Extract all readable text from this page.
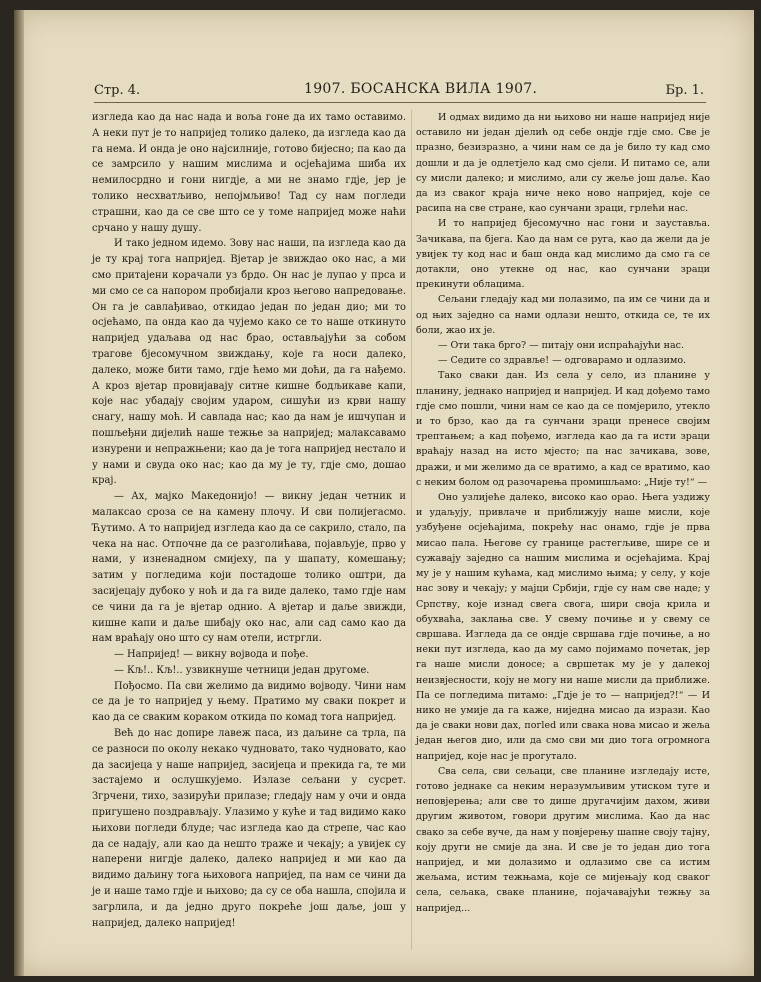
Стр. 4.	1907. БОСАНСКА ВИЛА 1907.	Бр. 1.

изгледа као да нас нада и воља гоне да их тамо оставимо. А неки пут је то напријед толико далеко, да изгледа као да га нема. И онда је оно најсилније, готово бијесно; па као да се замрсило у нашим мислима и осјећајима шиба их немилосрдно и гони нигдје, а ми не знамо гдје, јер је толико несхватљиво, непојмљиво! Тад су нам погледи страшни, као да се све што се у томе напријед може наћи срчано у нашу душу.

И тако једном идемо. Зову нас наши, па изгледа као да је ту крај тога напријед. Вјетар је звиждао око нас, а ми смо притајени корачали уз брдо. Он нас је лупао у прса и ми смо се са напором пробијали кроз његово напредовање. Он га је савлађивао, откидао један по један дио; ми то осјећамо, па онда као да чујемо како се то наше откинуто напријед удаљава од нас браo, остављајући за собом трагове бјесомучном звиждању, које га носи далеко, далеко, може бити тамо, гдје ћемо ми доћи, да га нађемо. А кроз вјетар провијавају ситне кишне бодљикаве капи, које нас убадају својим ударом, сишући из крви нашу снагу, нашу моћ. И савлада нас; као да нам је ишчупан и пошљеђни дијелић наше тежње за напријед; малаксавамо изнурени и непражњени; као да је тога напријед нестало и у нами и свуда око нас; као да му је ту, гдје смо, дошао крај.

— Ах, мајко Македонијо! — викну један четник и малаксао сроза се на камену плочу. И сви полијегасмо. Ћутимо. А то напријед изгледа као да се сакрило, стало, па чека на нас. Отпочнe да се разголићава, појављује, прво у нами, у изненадном смијеху, па у шапату, комешању; затим у погледима који постадоше толико оштри, да засијецају дубоко у ноћ и да га виде далеко, тамо гдје нам се чини да га је вјетар однио. А вјетар и даље звижди, кишне капи и даље шибају око нас, али сад само као да нам враћају оно што су нам отели, истргли.

— Напријед! — викну војвода и пође.

— Кљ!.. Кљ!.. узвикнуше четници један другоме.

Пођосмо. Па сви желимо да видимо војводу. Чини нам се да је то напријед у њему. Пратимо му сваки покрет и као да се сваким кораком откида по комад тога напријед.

Већ до нас допире лавеж паса, из даљине са трла, па се разноси по околу некако чудновато, тако чудновато, као да засијеца у наше напријед, засијеца и прекида га, те ми застајемо и ослушкујемо. Излазе сељани у сусрет. Згрчени, тихо, зазирући прилазе; гледају нам у очи и онда пригушено поздрављају. Улазимо у куће и тад видимо како њихови погледи блуде; час изгледа као да стрепе, час као да се надају, али као да нешто траже и чекају; а увијек су наперени нигдје далеко, далеко напријед и ми као да видимо даљину тога њиховога напријед, па нам се чини да је и наше тамо гдје и њихово; да су се оба нашла, спојила и загрлила, и да једно друго покреће још даље, још у напријед, далеко напријед!

И одмах видимо да ни њихово ни наше напријед није оставило ни један дјелић од себе ондје гдје смо. Све је празно, безизразно, а чини нам се да је било ту кад смо дошли и да је одлетјело кад смо сјели. И питамо се, али су мисли далеко; и мислимо, али су жеље још даље. Као да из сваког краја ниче неко ново напријед, које се расипа на све стране, као сунчани зраци, грлећи нас.

И то напријед бјесомучно нас гони и зауставља. Зачикава, па бјега. Као да нам се руга, као да жели да је увијек ту код нас и баш онда кад мислимо да смо га се дотакли, оно утекне од нас, као сунчани зраци прекинути облацима.

Сељани гледају кад ми полазимо, па им се чини да и од њих заједно са нами одлази нешто, откида се, те их боли, жао их је.

— Оти така брго? — питају они испраћајући нас.

— Седите со здравље! — одговарамо и одлазимо.

Тако сваки дан. Из села у село, из планине у планину, једнако напријед и напријед. И кад дођемо тамо гдје смо пошли, чини нам се као да се помјерило, утекло и то брзо, као да га сунчани зраци пренесе својим трептањем; а кад пођемо, изгледа као да га исти зраци враћају назад на исто мјесто; па нас зачикава, зове, дражи, и ми желимо да се вратимо, а кад се вратимо, као с неким болом од разочарења промишљамо: „Није ту!“ —

Оно узлијеће далеко, високо као орао. Њега уздижу и удаљују, привлаче и приближују наше мисли, које узбуђене осјећајима, покрећу нас онамо, гдје је прва мисао пала. Његове су границе растегљиве, шире се и сужавају заједно са нашим мислима и осјећајима. Крај му је у нашим кућама, кад мислимо њима; у селу, у које нас зову и чекају; у мајци Србији, гдје су нам све наде; у Српству, које изнад свега свога, шири своја крила и обухваћа, заклања све. У свему почиње и у свему се свршава. Изгледа да се ондје свршава гдје почиње, а но неки пут изгледа, као да му само појимамо почетак, јер га наше мисли доносе; а свршетак му је у далекој неизвјесности, коју не могу ни наше мисли да приближе. Па се погледима питамо: „Гдје је то — напријед?!“ — И нико не умије да га каже, ниједна мисао да изрази. Као да је сваки нови дах, погled или свака нова мисао и жеља један његов дио, или да смо сви ми дио тога огромнога напријед, које нас је прогутало.

Сва села, сви сељаци, све планине изгледају исте, готово једнаке са неким неразумљивим утиском туге и неповјерења; али све то дише другачијим дахом, живи другим животом, говори другим мислима. Као да нас свако за себе вуче, да нам у повјерењу шапне своју тајну, коју други не смије да зна. И све је то један дио тога напријед, и ми долазимо и одлазимо све са истим жељама, истим тежњама, које се мијењају код сваког села, сељака, сваке планине, појачавајући тежњу за напријед...
